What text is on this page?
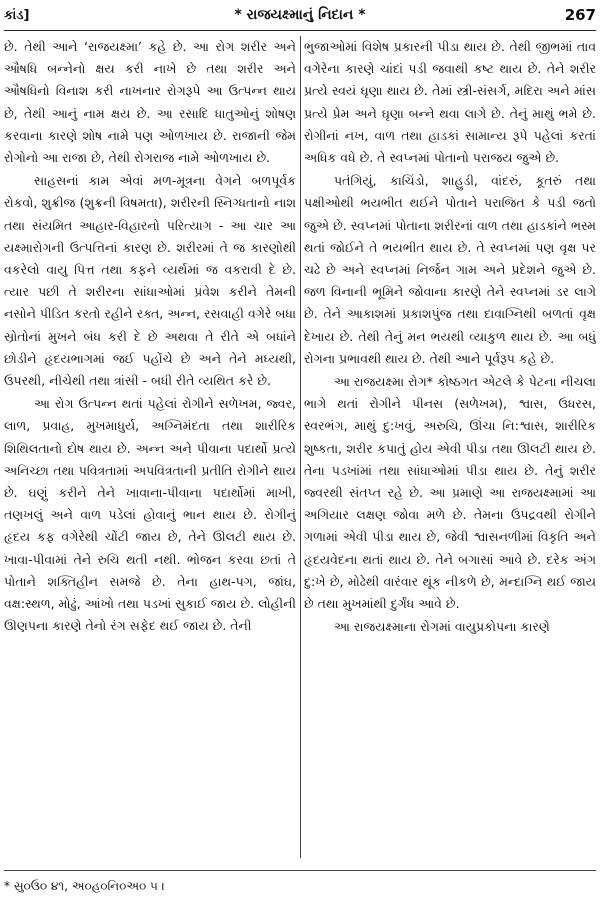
કાંડ]	* રાજયક્ષ્માનું નિદાન *	267

છે. તેથી આને ‘રાજયક્ષ્મા’ કહે છે. આ રોગ શરીર અને ઔષધિ બન્નેનો ક્ષય કરી નાખે છે તથા શરીર અને ઔષધિનો વિનાશ કરી નાખનાર રોગરૂપે આ ઉત્પન્ન થાય છે, તેથી આનું નામ ક્ષય છે. આ રસાદિ ધાતુઓનું શોષણ કરવાના કારણે શોષ નામે પણ ઓળખાય છે. રાજાની જેમ રોગોનો આ રાજા છે, તેથી રોગરાજ નામે ઓળખાય છે.

સાહસનાં કામ એવાં મળ-મૂત્રના વેગને બળપૂર્વક રોકવો, શુક્રીજ (શુક્રની વિષમતા), શરીરની સ્નિગ્ધતાનો નાશ તથા સંયમિત આહાર-વિહારનો પરિત્યાગ - આ ચાર આ યક્ષ્મારોગની ઉત્પત્તિનાં કારણ છે. શરીરમાં તે જ કારણોથી વકરેલો વાયુ પિત્ત તથા કફને વ્યર્થમાં જ વકરાવી દે છે. ત્યાર પછી તે શરીરના સાંધાઓમાં પ્રવેશ કરીને તેમની નસોને પીડિત કરતો રહીને રક્ત, અન્ન, રસવાહી વગેરે બધા સ્રોતોનાં મુખને બંધ કરી દે છે અથવા તે રીતે એ બધાંને છોડીને હૃદયભાગમાં જઈ પહોંચે છે અને તેને મધ્યથી, ઉપરથી, નીચેથી તથા ત્રાંસી - બધી રીતે વ્યથિત કરે છે.

આ રોગ ઉત્પન્ન થતાં પહેલાં રોગીને સળેખમ, જ્વર, લાળ, પ્રવાહ, મુખમાધુર્ય, અગ્નિમંદતા તથા શારીરિક શિથિલતાનો દોષ થાય છે. અન્ન અને પીવાના પદાર્થો પ્રત્યે અનિચ્છા તથા પવિત્રતામાં અપવિત્રતાની પ્રતીતિ રોગીને થાય છે. ઘણું કરીને તેને ખાવાના-પીવાના પદાર્થોમાં માખી, તણખલું અને વાળ પડેલાં હોવાનું ભાન થાય છે. રોગીનું હૃદય કફ વગેરેથી ચોંટી જાય છે, તેને ઊલટી થાય છે. ખાવા-પીવામાં તેને રુચિ થતી નથી. ભોજન કરવા છતાં તે પોતાને શક્તિહીન સમજે છે. તેના હાથ-પગ, જાંઘ, વક્ષ:સ્થળ, મોઢું, આંખો તથા પડખાં સુકાઈ જાય છે. લોહીની ઊણપના કારણે તેનો રંગ સફેદ થઈ જાય છે. તેની

ભુજાઓમાં વિશેષ પ્રકારની પીડા થાય છે. તેથી જીભમાં તાવ વગેરેના કારણે ચાંદાં પડી જવાથી કષ્ટ થાય છે. તેને શરીર પ્રત્યે સ્વયં ઘૃણા થાય છે. તેમાં સ્ત્રી-સંસર્ગ, મદિરા અને માંસ પ્રત્યે પ્રેમ અને ઘૃણા બન્ને થવા લાગે છે. તેનું માથું ભમે છે. રોગીનાં નખ, વાળ તથા હાડકાં સામાન્ય રૂપે પહેલાં કરતાં અધિક વધે છે. તે સ્વપ્નમાં પોતાનો પરાજય જુએ છે.

પતંગિયું, કાચિંડો, શાહુડી, વાંદરું, કૂતરું તથા પક્ષીઓથી ભયભીત થઈને પોતાને પરાજિત કે પડી જતો જુએ છે. સ્વપ્નમાં પોતાના શરીરનાં વાળ તથા હાડકાંને ભસ્મ થતાં જોઈને તે ભયભીત થાય છે. તે સ્વપ્નમાં પણ વૃક્ષ પર ચઢે છે અને સ્વપ્નમાં નિર્જન ગામ અને પ્રદેશને જુએ છે. જળ વિનાની ભૂમિને જોવાના કારણે તેને સ્વપ્નમાં ડર લાગે છે. તેને આકાશમાં પ્રકાશપુંજ તથા દાવાગ્નિથી બળતાં વૃક્ષ દેખાય છે. તેથી તેનું મન ભયથી વ્યાકુળ થાય છે. આ બધું રોગના પ્રભાવથી થાય છે. તેથી આને પૂર્વરૂપ કહે છે.

આ રાજયક્ષ્મા રોગ* કોષ્ઠગત એટલે કે પેટના નીચલા ભાગે થતાં રોગીને પીનસ (સળેખમ), શ્વાસ, ઉધરસ, સ્વરભંગ, માથું દુ:ખવું, અરુચિ, ઊંચા નિ:શ્વાસ, શારીરિક શુષ્કતા, શરીર કપાતું હોય એવી પીડા તથા ઊલટી થાય છે. તેના પડખાંમાં તથા સાંધાઓમાં પીડા થાય છે. તેનું શરીર જ્વરથી સંતપ્ત રહે છે. આ પ્રમાણે આ રાજયક્ષ્મામાં આ અગિયાર લક્ષણ જોવા મળે છે. તેમના ઉપદ્રવથી રોગીને ગળામાં એવી પીડા થાય છે, જેવી શ્વાસનળીમાં વિકૃતિ અને હૃદયવેદના થતાં થાય છે. તેને બગાસાં આવે છે. દરેક અંગ દુ:ખે છે, મોઢેથી વારંવાર થૂંક નીકળે છે, મન્દાગ્નિ થઈ જાય છે તથા મુખમાંથી દુર્ગંધ આવે છે.

આ રાજયક્ષ્માના રોગમાં વાયુપ્રકોપના કારણે

* સુ૦ઉ૦ ૪૧, અ૦હ૦નિ૦અ૦ ૫ ।
